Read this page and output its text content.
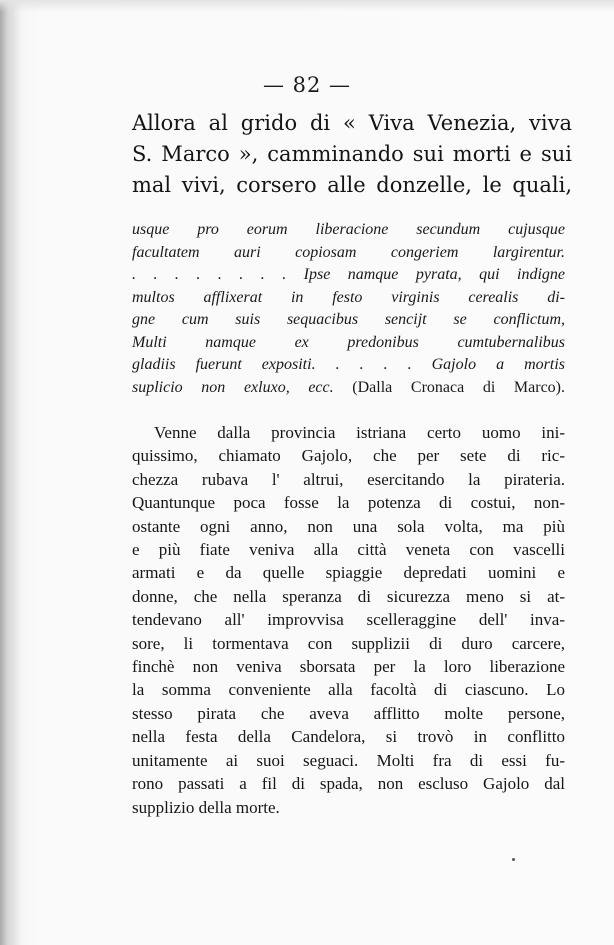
— 82 —
Allora al grido di « Viva Venezia, viva
S. Marco », camminando sui morti e sui
mal vivi, corsero alle donzelle, le quali,
usque pro eorum liberacione secundum cujusque
facultatem auri copiosam congeriem largirentur.
. . . . . . . . Ipse namque pyrata, qui indigne
multos afflixerat in festo virginis cerealis di-
gne cum suis sequacibus sencijt se conflictum,
Multi namque ex predonibus cumtubernalibus
gladiis fuerunt expositi. . . . . Gajolo a mortis
suplicio non exluxo, ecc. (Dalla Cronaca di Marco).
Venne dalla provincia istriana certo uomo ini-
quissimo, chiamato Gajolo, che per sete di ric-
chezza rubava l' altrui, esercitando la pirateria.
Quantunque poca fosse la potenza di costui, non-
ostante ogni anno, non una sola volta, ma più
e più fiate veniva alla città veneta con vascelli
armati e da quelle spiaggie depredati uomini e
donne, che nella speranza di sicurezza meno si at-
tendevano all' improvvisa scelleraggine dell' inva-
sore, li tormentava con supplizii di duro carcere,
finchè non veniva sborsata per la loro liberazione
la somma conveniente alla facoltà di ciascuno. Lo
stesso pirata che aveva afflitto molte persone,
nella festa della Candelora, si trovò in conflitto
unitamente ai suoi seguaci. Molti fra di essi fu-
rono passati a fil di spada, non escluso Gajolo dal
supplizio della morte.
